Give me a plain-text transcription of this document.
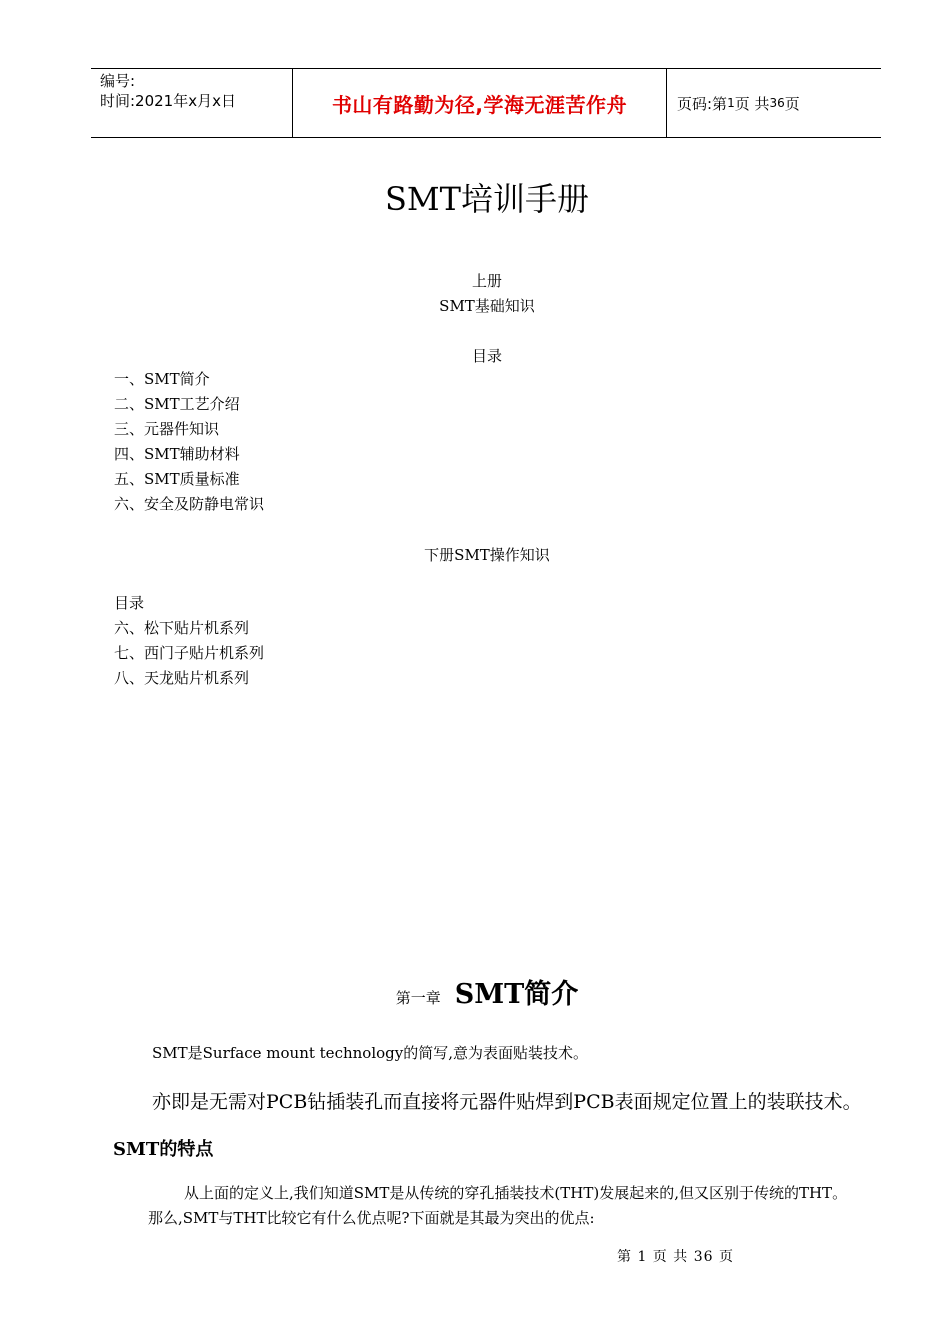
编号:
时间:2021年x月x日	书山有路勤为径,学海无涯苦作舟	页码:第 1 页 共 36 页
SMT培训手册
上册
SMT基础知识
目录
一、SMT简介
二、SMT工艺介绍
三、元器件知识
四、SMT辅助材料
五、SMT质量标准
六、安全及防静电常识
下册SMT操作知识
目录
六、松下贴片机系列
七、西门子贴片机系列
八、天龙贴片机系列
第一章 SMT简介
SMT是Surface mount technology的简写,意为表面贴装技术。
亦即是无需对PCB钻插装孔而直接将元器件贴焊到PCB表面规定位置上的装联技术。
SMT的特点
从上面的定义上,我们知道SMT是从传统的穿孔插装技术(THT)发展起来的,但又区别于传统的THT。那么,SMT与THT比较它有什么优点呢?下面就是其最为突出的优点:
第 1 页 共 36 页
